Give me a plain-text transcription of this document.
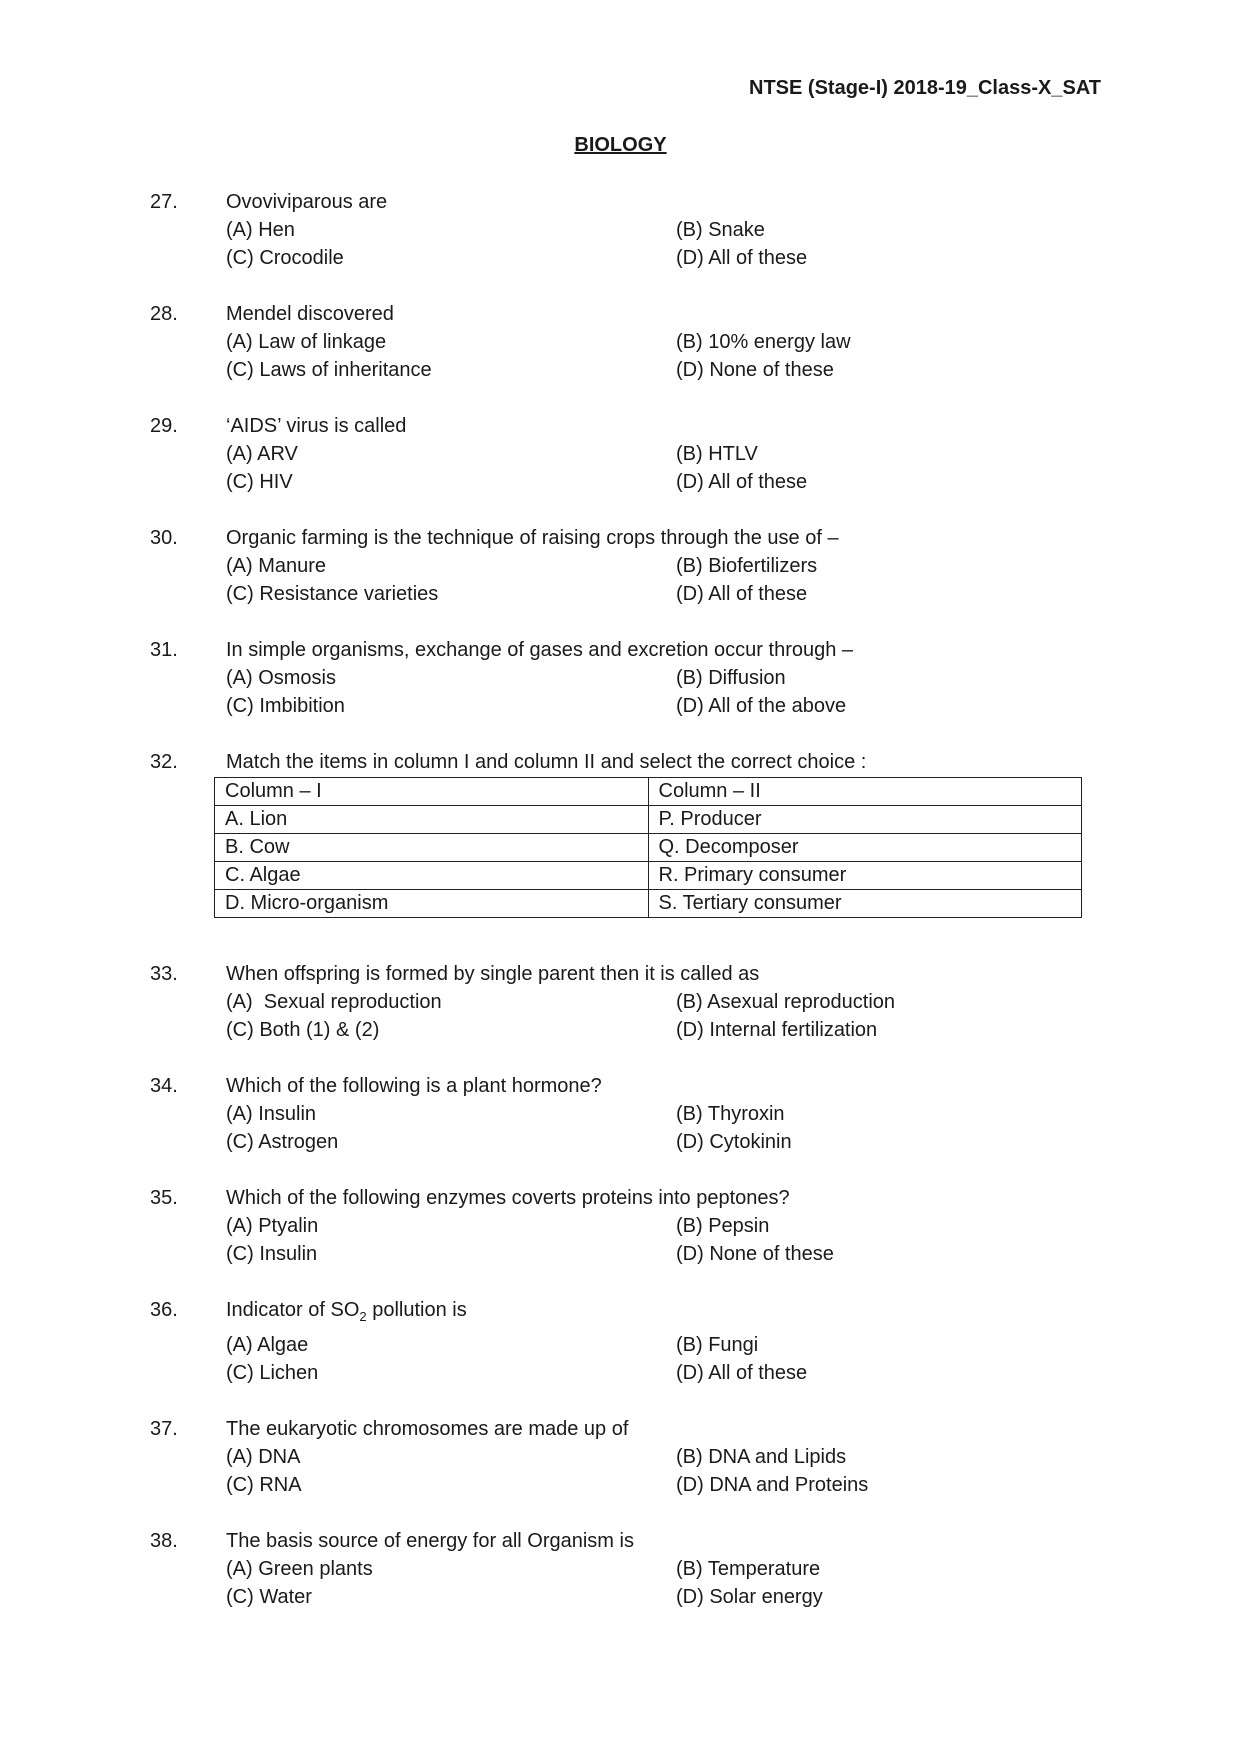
NTSE (Stage-I) 2018-19_Class-X_SAT
BIOLOGY
27. Ovoviviparous are
(A) Hen	(B) Snake
(C) Crocodile	(D) All of these
28. Mendel discovered
(A) Law of linkage	(B) 10% energy law
(C) Laws of inheritance	(D) None of these
29. ‘AIDS’ virus is called
(A) ARV	(B) HTLV
(C) HIV	(D) All of these
30. Organic farming is the technique of raising crops through the use of –
(A) Manure	(B) Biofertilizers
(C) Resistance varieties	(D) All of these
31. In simple organisms, exchange of gases and excretion occur through –
(A) Osmosis	(B) Diffusion
(C) Imbibition	(D) All of the above
32. Match the items in column I and column II and select the correct choice :
Column – I	Column – II
A. Lion	P. Producer
B. Cow	Q. Decomposer
C. Algae	R. Primary consumer
D. Micro-organism	S. Tertiary consumer
33. When offspring is formed by single parent then it is called as
(A)  Sexual reproduction	(B) Asexual reproduction
(C) Both (1) & (2)	(D) Internal fertilization
34. Which of the following is a plant hormone?
(A) Insulin	(B) Thyroxin
(C) Astrogen	(D) Cytokinin
35. Which of the following enzymes coverts proteins into peptones?
(A) Ptyalin	(B) Pepsin
(C) Insulin	(D) None of these
36. Indicator of $SO_2$ pollution is
(A) Algae	(B) Fungi
(C) Lichen	(D) All of these
37. The eukaryotic chromosomes are made up of
(A) DNA	(B) DNA and Lipids
(C) RNA	(D) DNA and Proteins
38. The basis source of energy for all Organism is
(A) Green plants	(B) Temperature
(C) Water	(D) Solar energy
